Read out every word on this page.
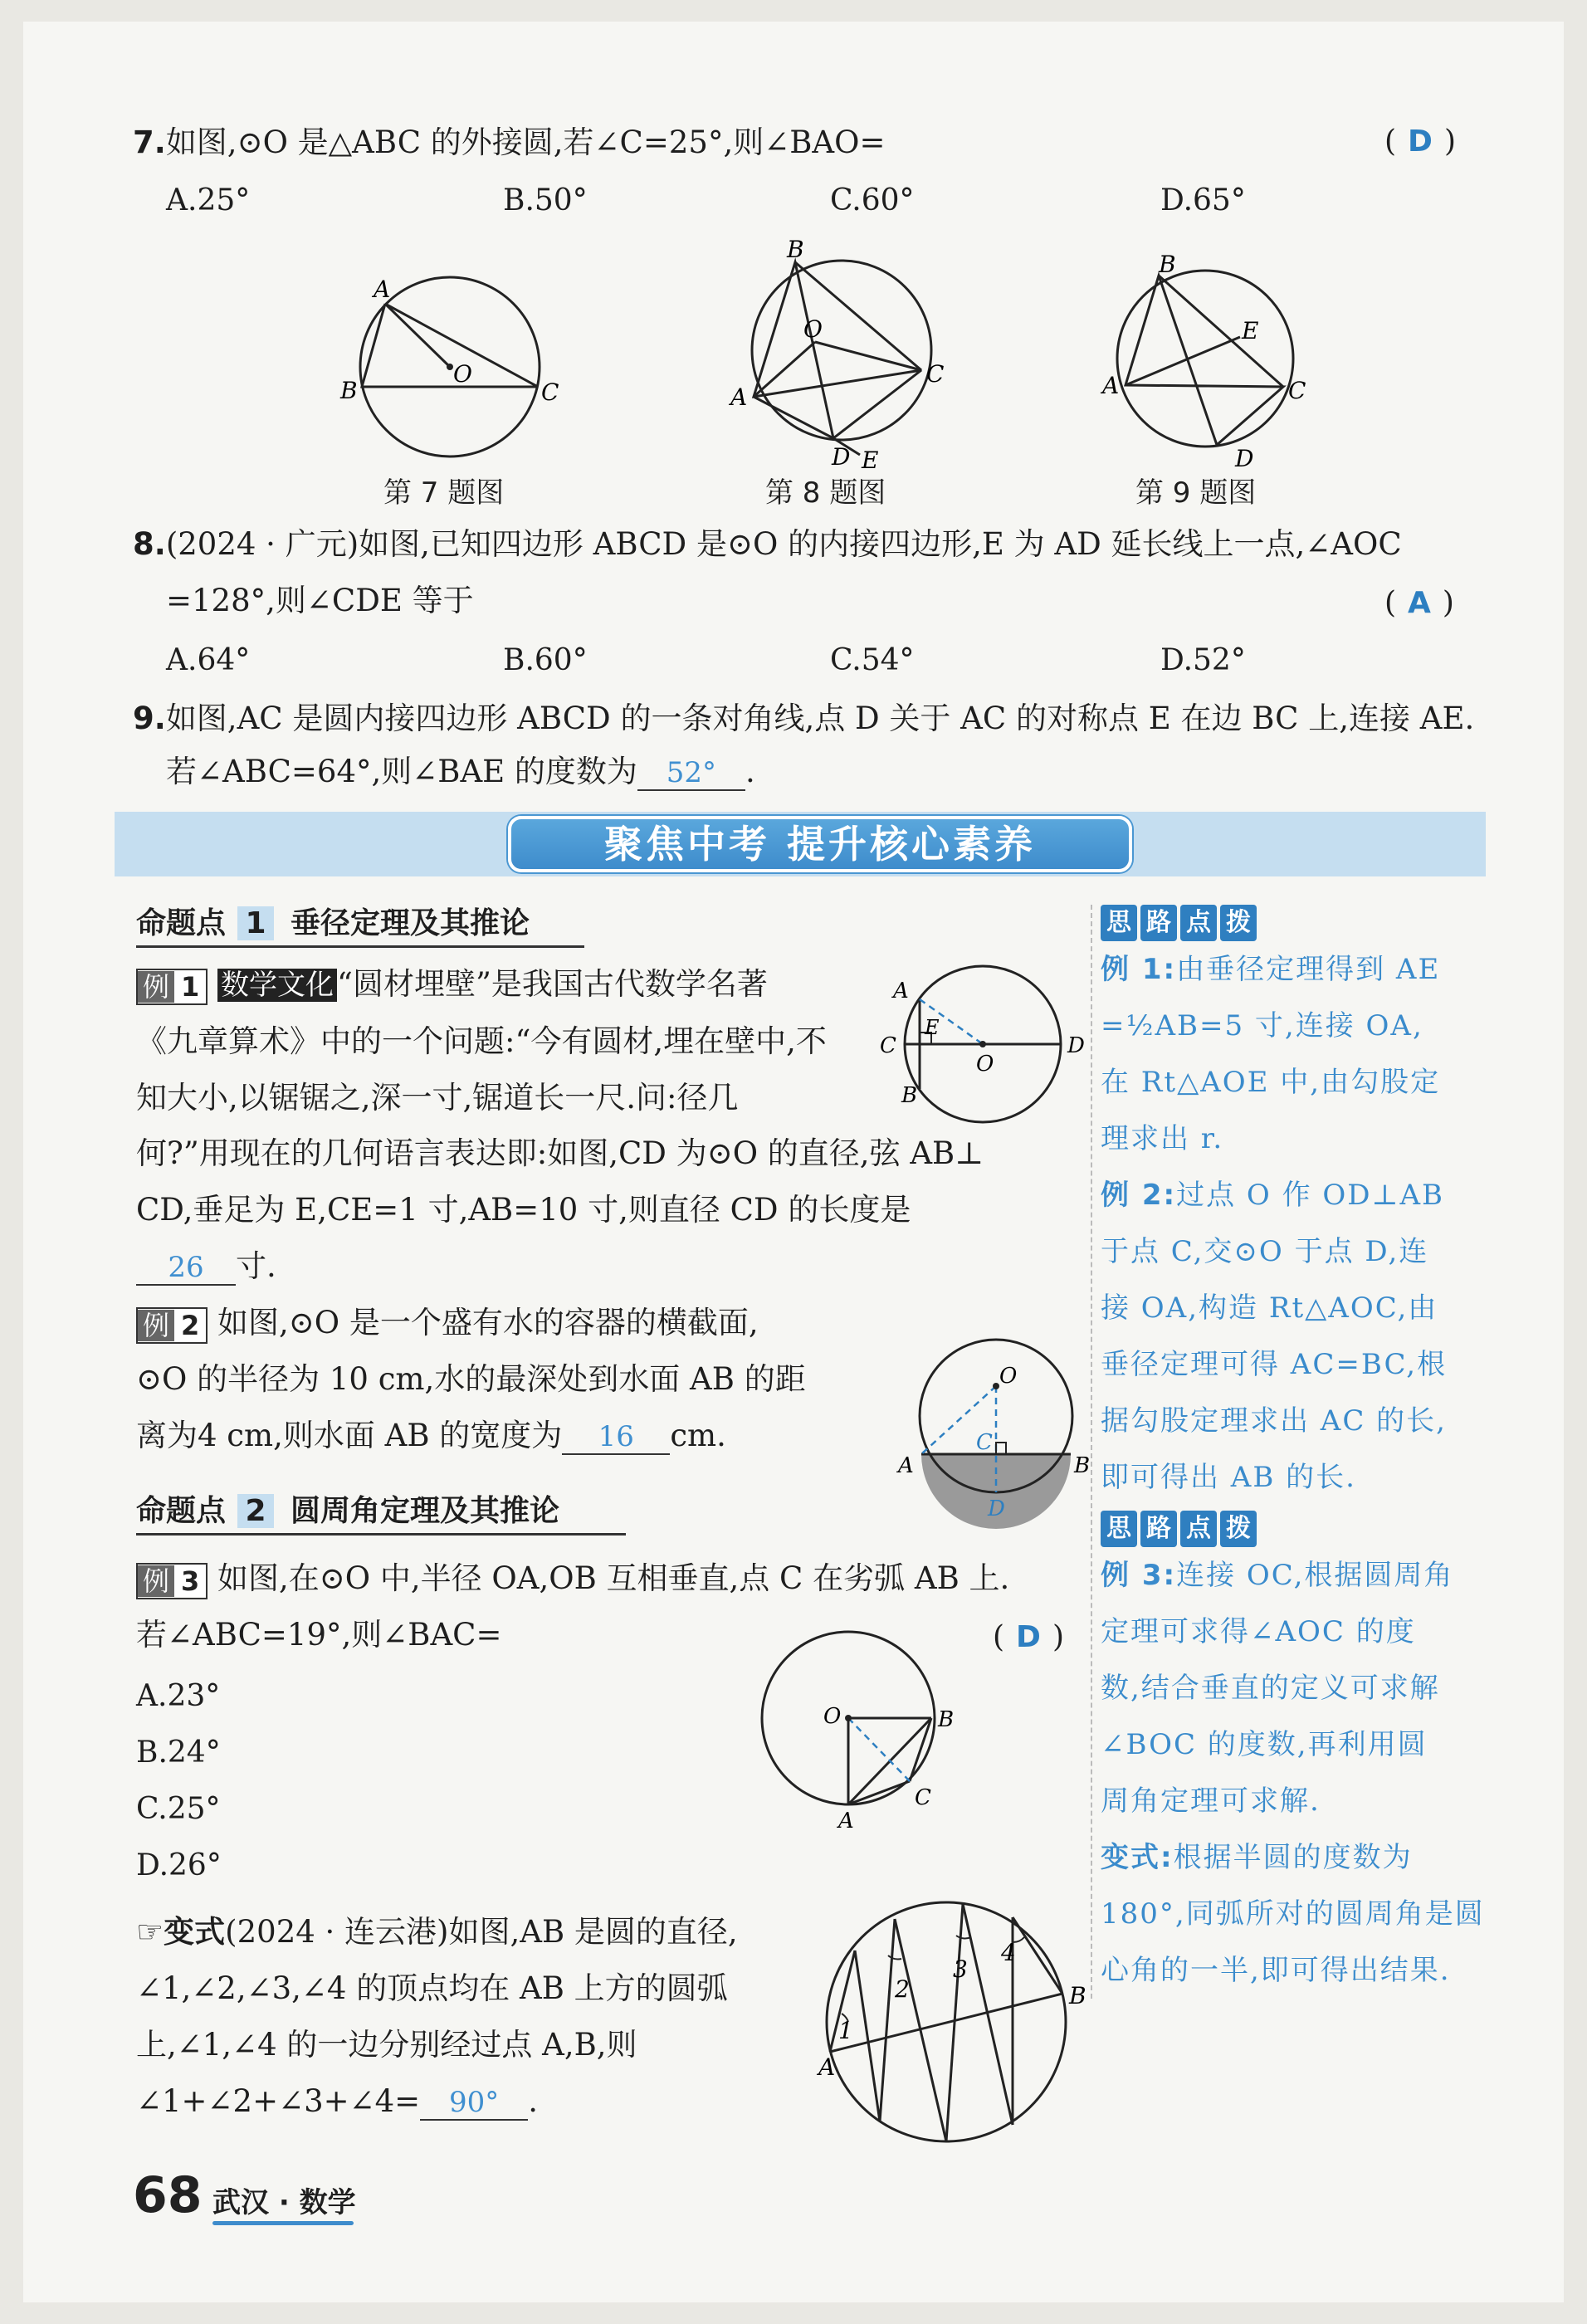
7.如图,⊙O 是△ABC 的外接圆,若∠C=25°,则∠BAO=	( D )
A.25°	B.50°	C.60°	D.65°
A
B
O
C
第 7 题图
B
O
A
C
D E
第 8 题图
B
E
A	C
D
第 9 题图
8.(2024 · 广元)如图,已知四边形 ABCD 是⊙O 的内接四边形,E 为 AD 延长线上一点,∠AOC
=128°,则∠CDE 等于	( A )
A.64°	B.60°	C.54°	D.52°
9.如图,AC 是圆内接四边形 ABCD 的一条对角线,点 D 关于 AC 的对称点 E 在边 BC 上,连接 AE.
若∠ABC=64°,则∠BAE 的度数为 52° .
聚焦中考 提升核心素养
命题点 1 垂径定理及其推论
例 1 数学文化 “圆材埋壁”是我国古代数学名著
《九章算术》中的一个问题:“今有圆材,埋在壁中,不
知大小,以锯锯之,深一寸,锯道长一尺.问:径几
何?”用现在的几何语言表达即:如图,CD 为⊙O 的直径,弦 AB⊥
CD,垂足为 E,CE=1 寸,AB=10 寸,则直径 CD 的长度是
26 寸.
A
C
E
O
D
B
例 2 如图,⊙O 是一个盛有水的容器的横截面,
⊙O 的半径为 10 cm,水的最深处到水面 AB 的距
离为4 cm,则水面 AB 的宽度为 16 cm.
O
C
A	B
D
命题点 2 圆周角定理及其推论
例 3 如图,在⊙O 中,半径 OA,OB 互相垂直,点 C 在劣弧 AB 上.
若∠ABC=19°,则∠BAC=	( D )
A.23°
B.24°
C.25°
D.26°
O	B
C
A
☞变式(2024 · 连云港)如图,AB 是圆的直径,
∠1,∠2,∠3,∠4 的顶点均在 AB 上方的圆弧
上,∠1,∠4 的一边分别经过点 A,B,则
∠1+∠2+∠3+∠4= 90° .
1
2
3
4
A
B
思 路 点 拨
例 1:由垂径定理得到 AE
=½AB=5 寸,连接 OA,
在 Rt△AOE 中,由勾股定
理求出 r.
例 2:过点 O 作 OD⊥AB
于点 C,交⊙O 于点 D,连
接 OA,构造 Rt△AOC,由
垂径定理可得 AC=BC,根
据勾股定理求出 AC 的长,
即可得出 AB 的长.
思 路 点 拨
例 3:连接 OC,根据圆周角
定理可求得∠AOC 的度
数,结合垂直的定义可求解
∠BOC 的度数,再利用圆
周角定理可求解.
变式:根据半圆的度数为
180°,同弧所对的圆周角是圆
心角的一半,即可得出结果.
68 武汉 · 数学
